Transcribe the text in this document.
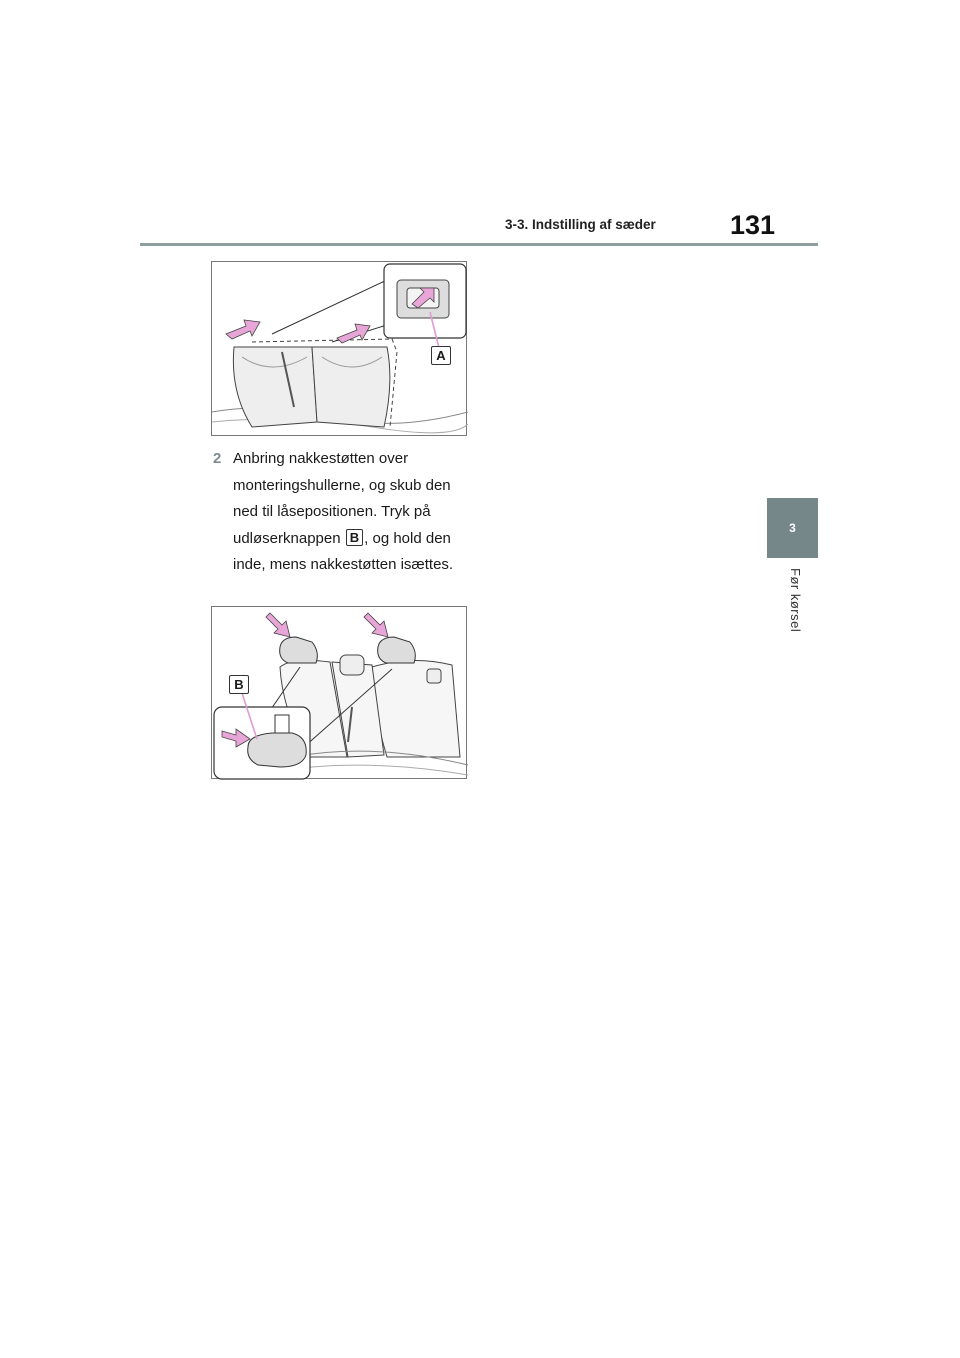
3-3. Indstilling af sæder	131
3
Før kørsel
A
2 Anbring nakkestøtten over monteringshullerne, og skub den ned til låsepositionen. Tryk på udløserknappen B , og hold den inde, mens nakkestøtten isættes.
B
